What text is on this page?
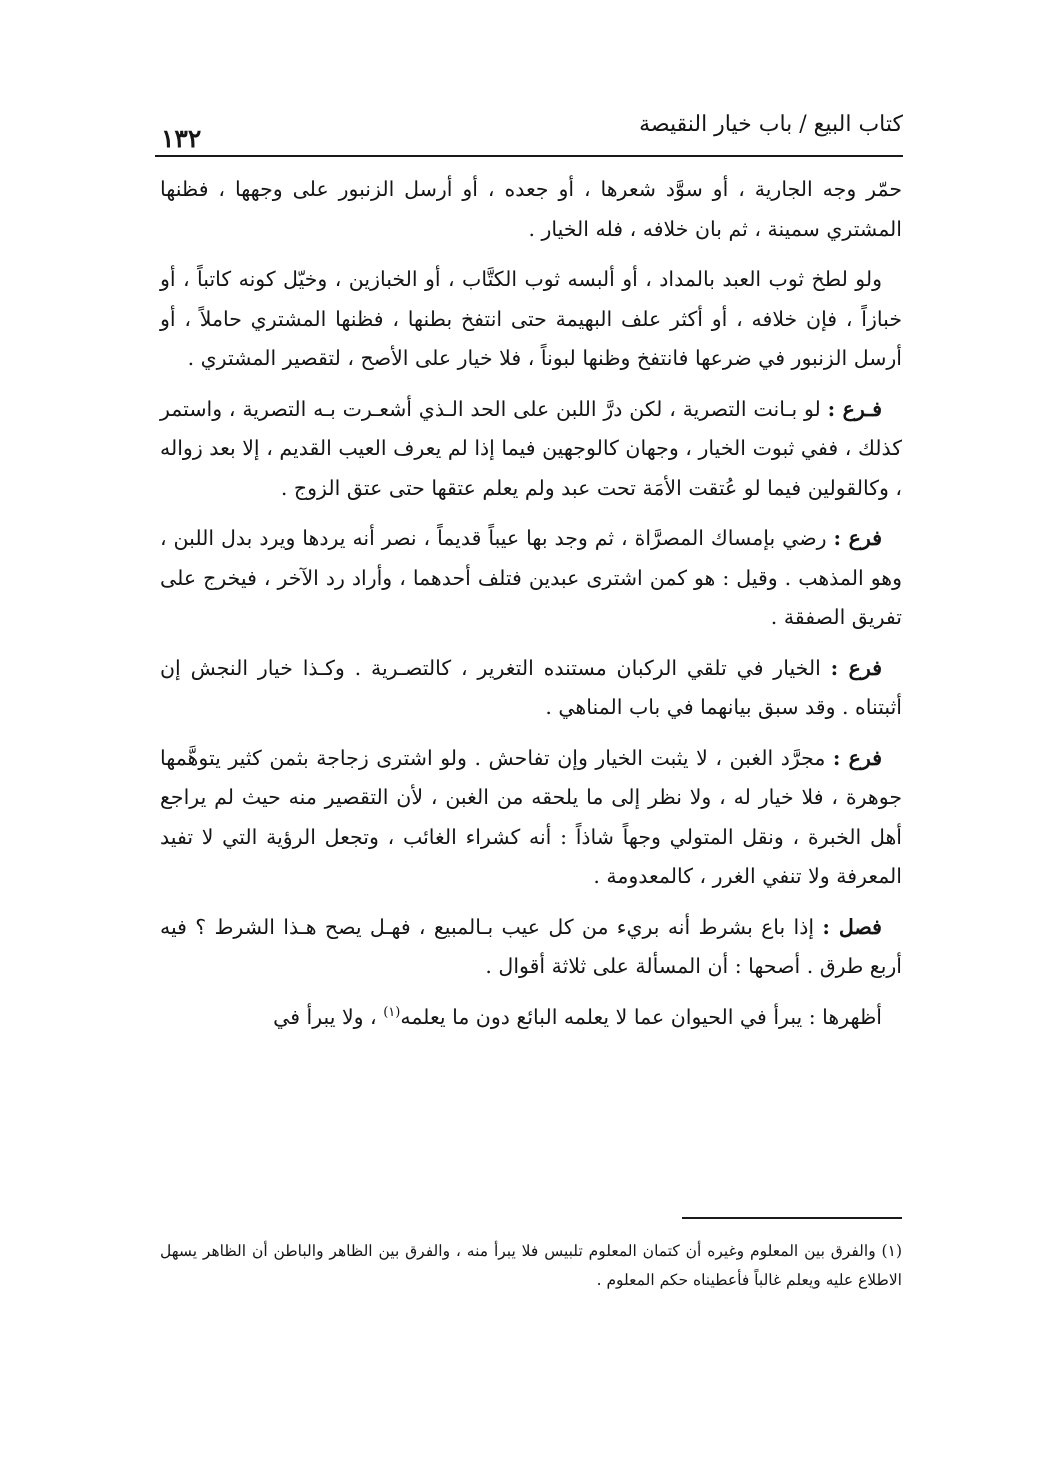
كتاب البيع / باب خيار النقيصة
١٣٢

حمّر وجه الجارية ، أو سوَّد شعرها ، أو جعده ، أو أرسل الزنبور على وجهها ، فظنها المشتري سمينة ، ثم بان خلافه ، فله الخيار .

ولو لطخ ثوب العبد بالمداد ، أو ألبسه ثوب الكتَّاب ، أو الخبازين ، وخيّل كونه كاتباً ، أو خبازاً ، فإن خلافه ، أو أكثر علف البهيمة حتى انتفخ بطنها ، فظنها المشتري حاملاً ، أو أرسل الزنبور في ضرعها فانتفخ وظنها لبوناً ، فلا خيار على الأصح ، لتقصير المشتري .

فـرع : لو بـانت التصرية ، لكن درَّ اللبن على الحد الـذي أشعـرت بـه التصرية ، واستمر كذلك ، ففي ثبوت الخيار ، وجهان كالوجهين فيما إذا لم يعرف العيب القديم ، إلا بعد زواله ، وكالقولين فيما لو عُتقت الأمَة تحت عبد ولم يعلم عتقها حتى عتق الزوج .

فرع : رضي بإمساك المصرَّاة ، ثم وجد بها عيباً قديماً ، نصر أنه يردها ويرد بدل اللبن ، وهو المذهب . وقيل : هو كمن اشترى عبدين فتلف أحدهما ، وأراد رد الآخر ، فيخرج على تفريق الصفقة .

فرع : الخيار في تلقي الركبان مستنده التغرير ، كالتصـرية . وكـذا خيار النجش إن أثبتناه . وقد سبق بيانهما في باب المناهي .

فرع : مجرَّد الغبن ، لا يثبت الخيار وإن تفاحش . ولو اشترى زجاجة بثمن كثير يتوهَّمها جوهرة ، فلا خيار له ، ولا نظر إلى ما يلحقه من الغبن ، لأن التقصير منه حيث لم يراجع أهل الخبرة ، ونقل المتولي وجهاً شاذاً : أنه كشراء الغائب ، وتجعل الرؤية التي لا تفيد المعرفة ولا تنفي الغرر ، كالمعدومة .

فصل : إذا باع بشرط أنه بريء من كل عيب بـالمبيع ، فهـل يصح هـذا الشرط ؟ فيه أربع طرق . أصحها : أن المسألة على ثلاثة أقوال .

أظهرها : يبرأ في الحيوان عما لا يعلمه البائع دون ما يعلمه$^{(١)}$ ، ولا يبرأ في

(١) والفرق بين المعلوم وغيره أن كتمان المعلوم تلبيس فلا يبرأ منه ، والفرق بين الظاهر والباطن أن الظاهر يسهل الاطلاع عليه ويعلم غالباً فأعطيناه حكم المعلوم .
